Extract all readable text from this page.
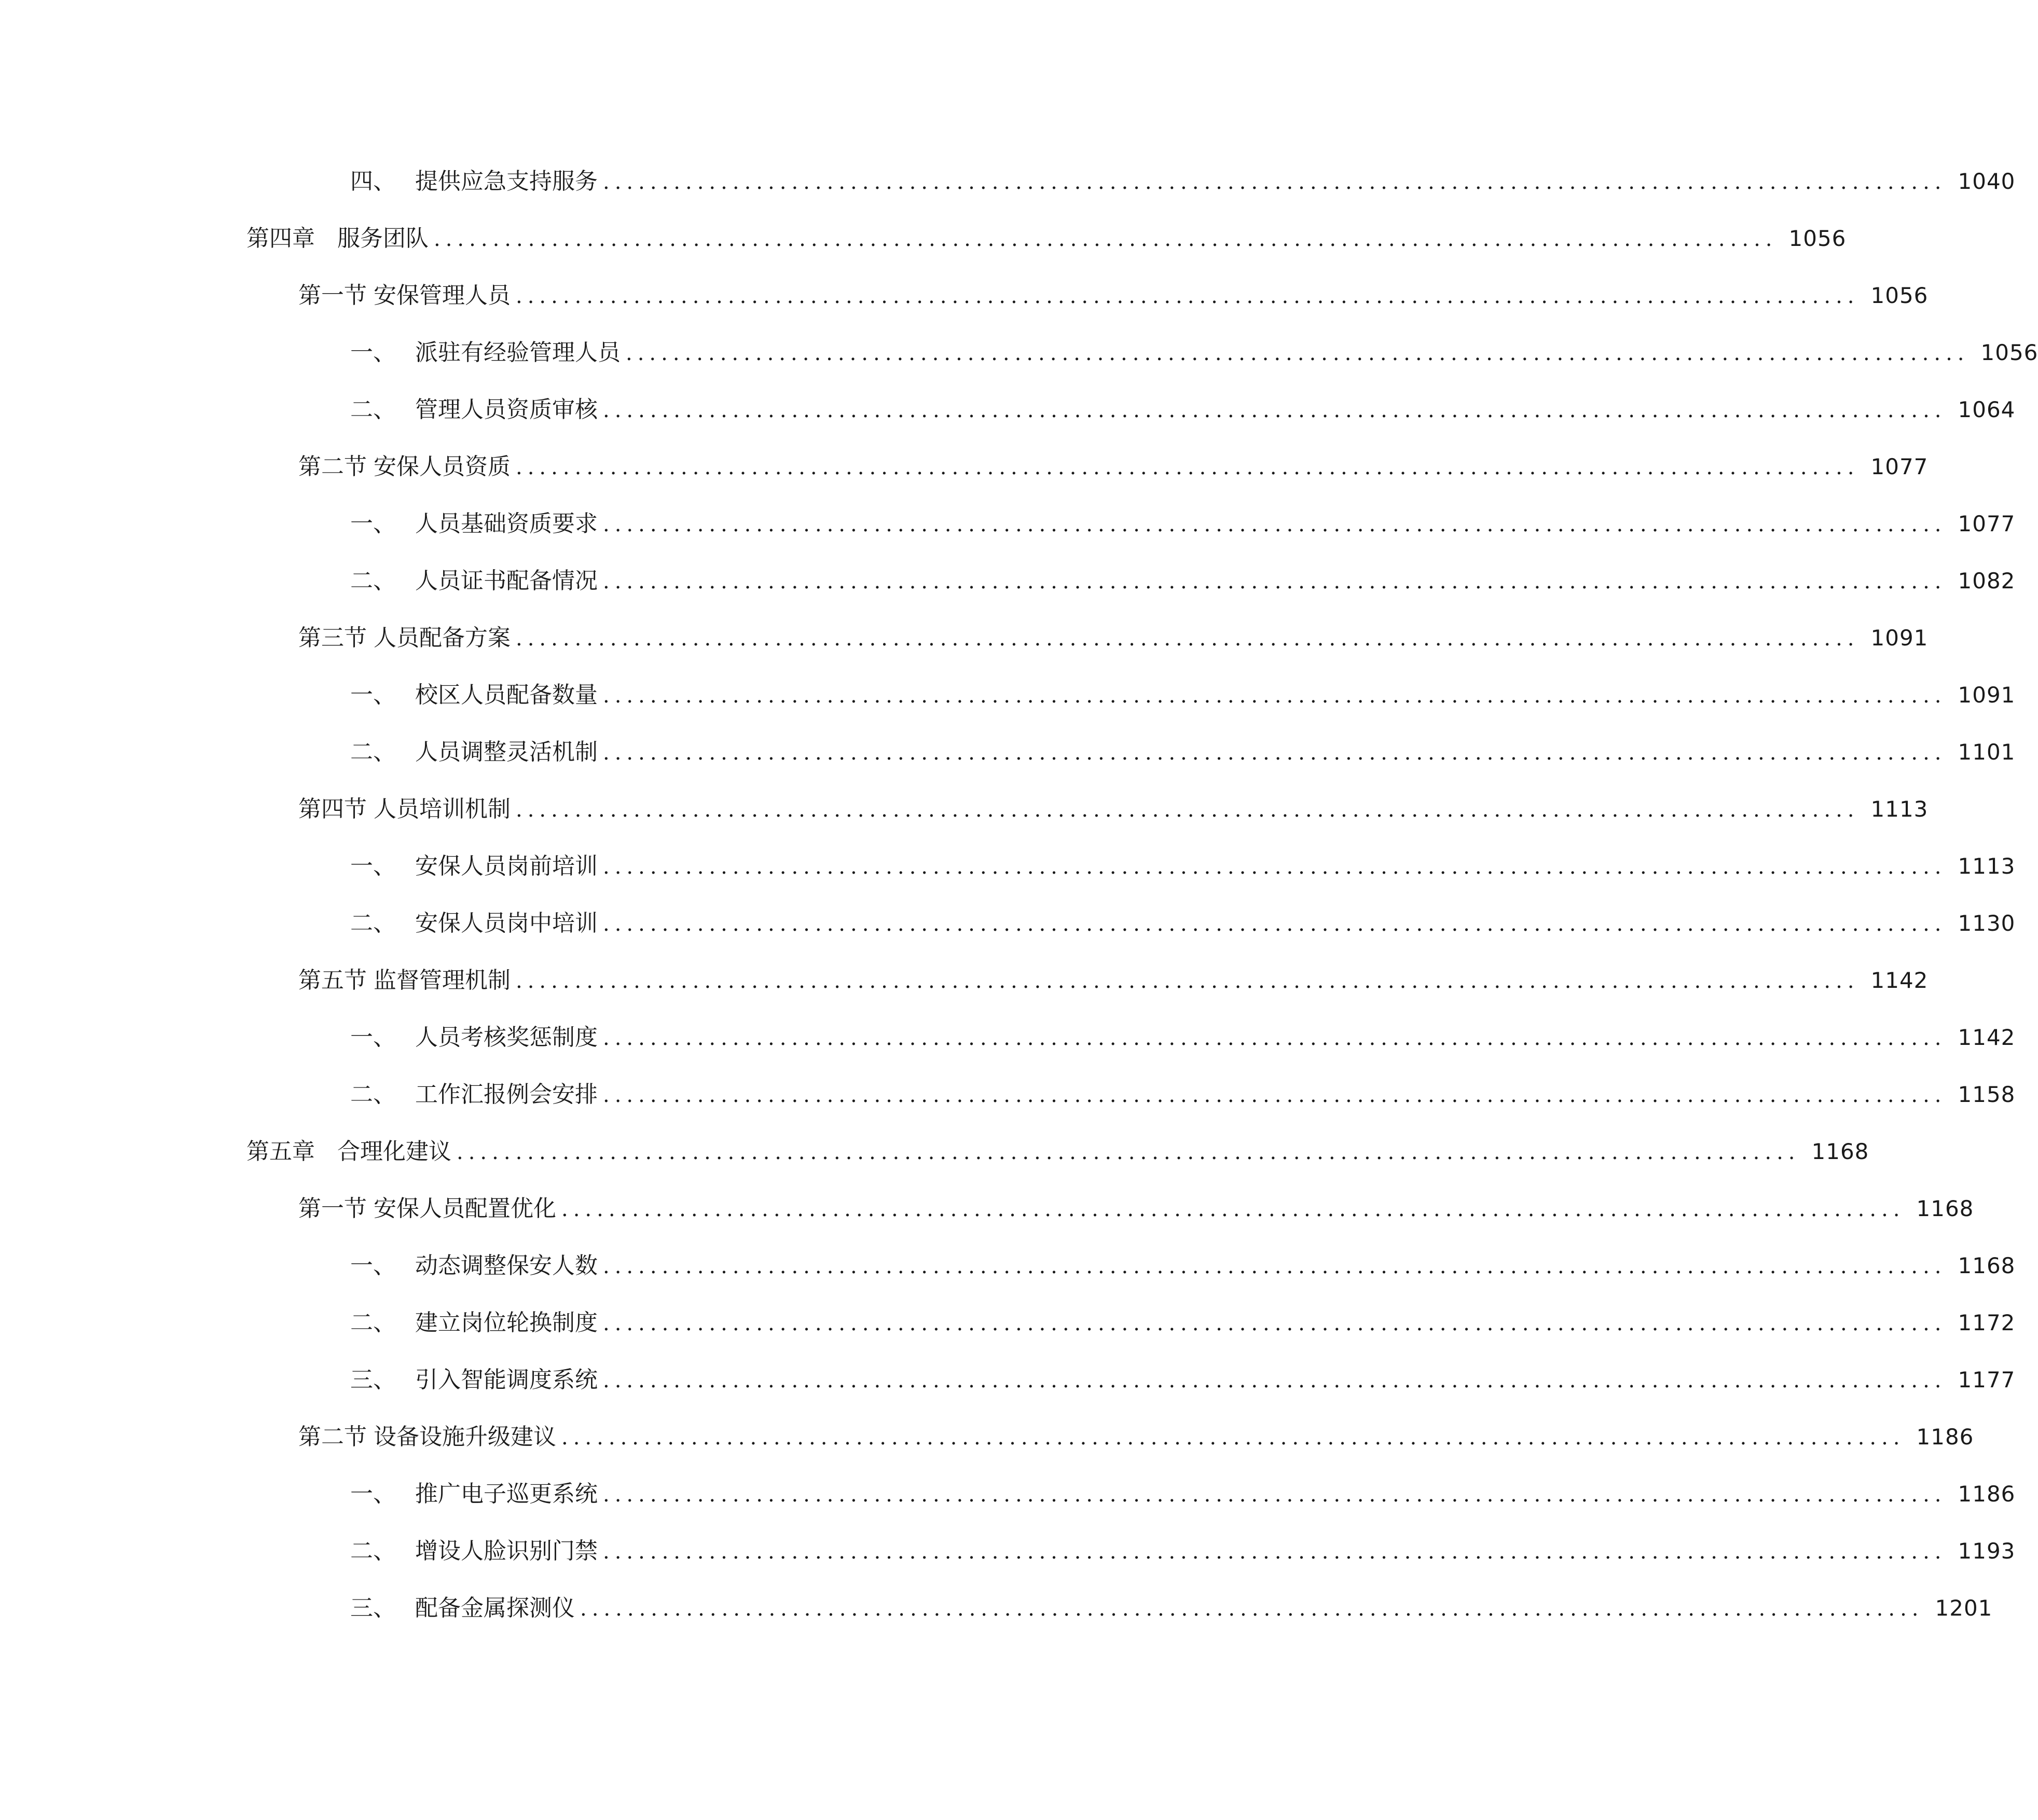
四、 提供应急支持服务 .................................................................................................................. 1040
第四章 服务团队 .................................................................................................................. 1056
第一节 安保管理人员 .................................................................................................................. 1056
一、 派驻有经验管理人员 .................................................................................................................. 1056
二、 管理人员资质审核 .................................................................................................................. 1064
第二节 安保人员资质 .................................................................................................................. 1077
一、 人员基础资质要求 .................................................................................................................. 1077
二、 人员证书配备情况 .................................................................................................................. 1082
第三节 人员配备方案 .................................................................................................................. 1091
一、 校区人员配备数量 .................................................................................................................. 1091
二、 人员调整灵活机制 .................................................................................................................. 1101
第四节 人员培训机制 .................................................................................................................. 1113
一、 安保人员岗前培训 .................................................................................................................. 1113
二、 安保人员岗中培训 .................................................................................................................. 1130
第五节 监督管理机制 .................................................................................................................. 1142
一、 人员考核奖惩制度 .................................................................................................................. 1142
二、 工作汇报例会安排 .................................................................................................................. 1158
第五章 合理化建议 .................................................................................................................. 1168
第一节 安保人员配置优化 .................................................................................................................. 1168
一、 动态调整保安人数 .................................................................................................................. 1168
二、 建立岗位轮换制度 .................................................................................................................. 1172
三、 引入智能调度系统 .................................................................................................................. 1177
第二节 设备设施升级建议 .................................................................................................................. 1186
一、 推广电子巡更系统 .................................................................................................................. 1186
二、 增设人脸识别门禁 .................................................................................................................. 1193
三、 配备金属探测仪 .................................................................................................................. 1201
